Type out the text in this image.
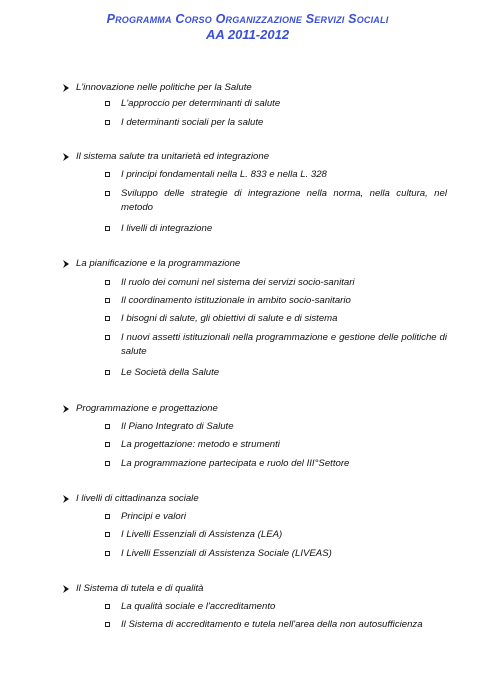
Programma Corso Organizzazione Servizi Sociali
AA 2011-2012
L'innovazione nelle politiche per la Salute
L'approccio per determinanti di salute
I determinanti sociali per la salute
Il sistema salute tra unitarietà ed integrazione
I principi fondamentali nella L. 833 e nella L. 328
Sviluppo delle strategie di integrazione nella norma, nella cultura, nel metodo
I livelli di integrazione
La pianificazione e la programmazione
Il ruolo dei comuni nel sistema dei servizi socio-sanitari
Il coordinamento istituzionale in ambito socio-sanitario
I bisogni di salute, gli obiettivi di salute e di sistema
I nuovi assetti istituzionali nella programmazione e gestione delle politiche di salute
Le Società della Salute
Programmazione e progettazione
Il Piano Integrato di Salute
La progettazione: metodo e strumenti
La programmazione partecipata e ruolo del III°Settore
I livelli di cittadinanza sociale
Principi e valori
I Livelli Essenziali di Assistenza (LEA)
I Livelli Essenziali di Assistenza Sociale (LIVEAS)
Il Sistema di tutela e di qualità
La qualità sociale e l'accreditamento
Il Sistema di accreditamento e tutela nell'area della non autosufficienza
